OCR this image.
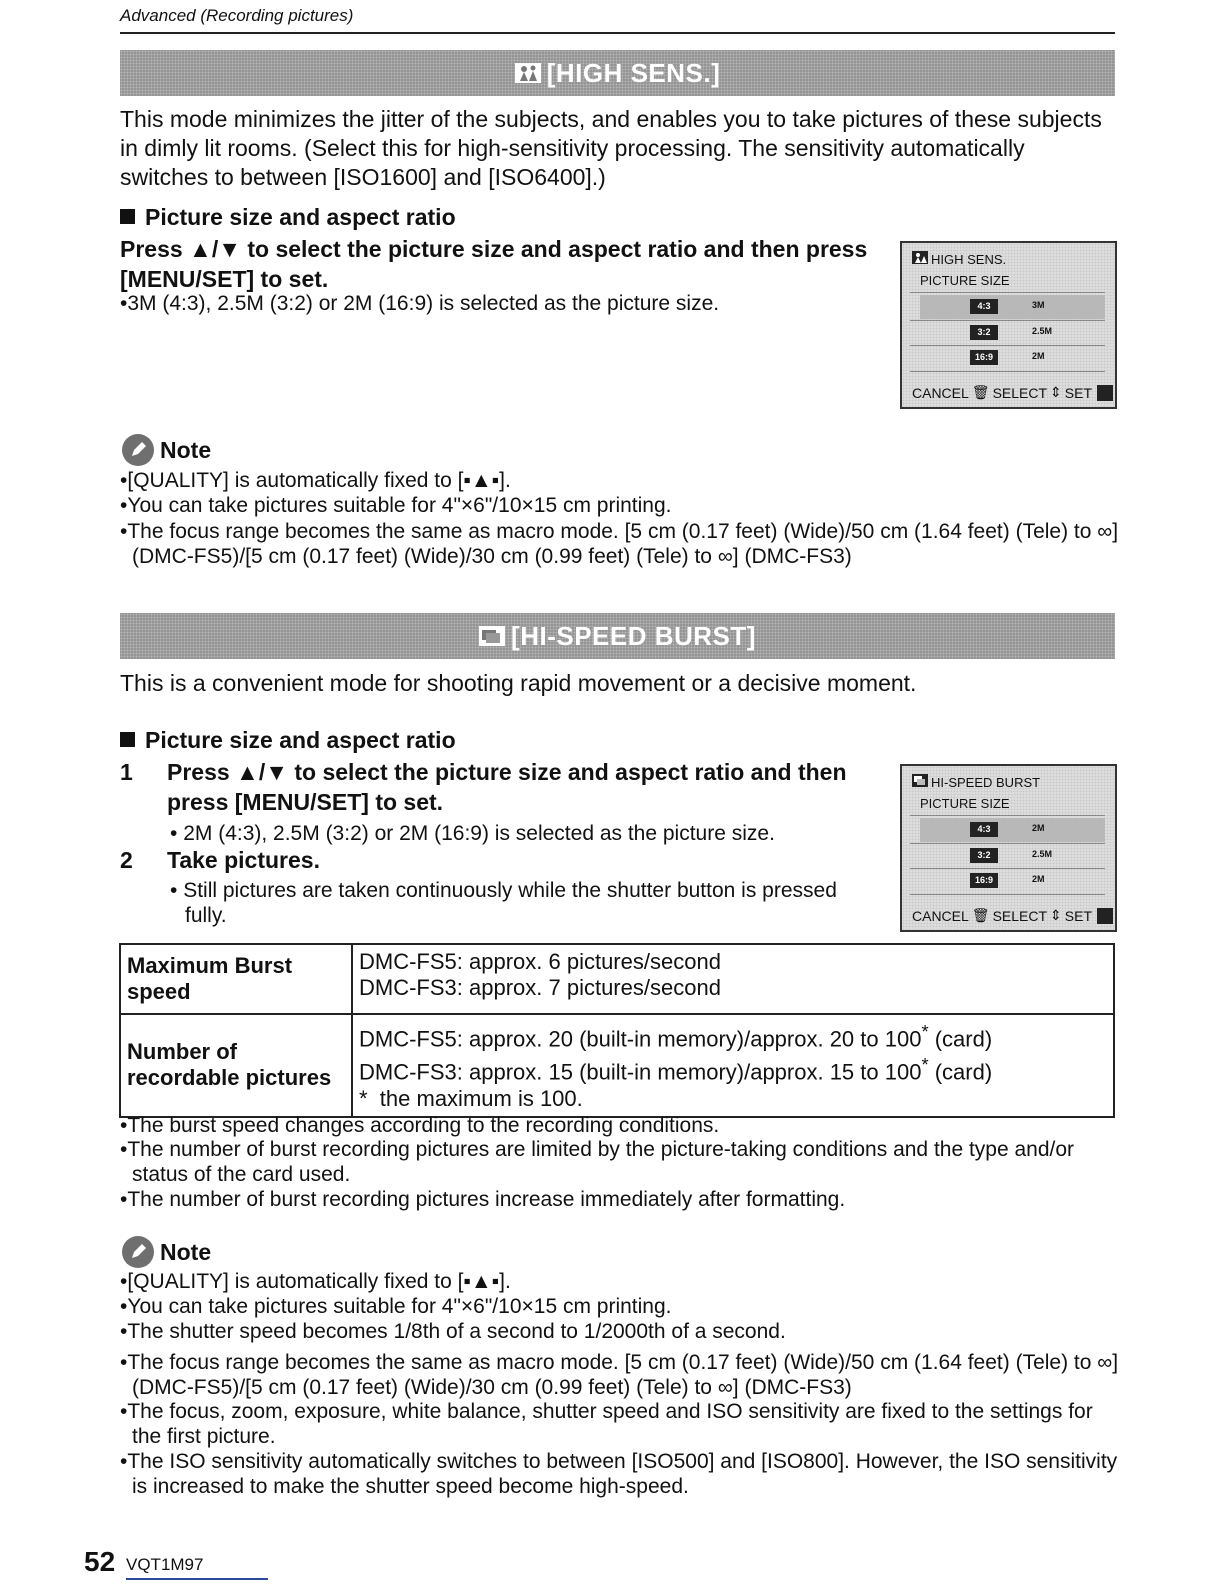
Advanced (Recording pictures)
[HIGH SENS.]
This mode minimizes the jitter of the subjects, and enables you to take pictures of these subjects in dimly lit rooms. (Select this for high-sensitivity processing. The sensitivity automatically switches to between [ISO1600] and [ISO6400].)
Picture size and aspect ratio
Press ▲/▼ to select the picture size and aspect ratio and then press [MENU/SET] to set.
•3M (4:3), 2.5M (3:2) or 2M (16:9) is selected as the picture size.
HIGH SENS.
PICTURE SIZE
4:3	3M
3:2	2.5M
16:9	2M
CANCEL 🗑 SELECT ⇕ SET
Note
•[QUALITY] is automatically fixed to [▪▲▪].
•You can take pictures suitable for 4"×6"/10×15 cm printing.
•The focus range becomes the same as macro mode. [5 cm (0.17 feet) (Wide)/50 cm (1.64 feet) (Tele) to ∞] (DMC-FS5)/[5 cm (0.17 feet) (Wide)/30 cm (0.99 feet) (Tele) to ∞] (DMC-FS3)
[HI-SPEED BURST]
This is a convenient mode for shooting rapid movement or a decisive moment.
Picture size and aspect ratio
1 Press ▲/▼ to select the picture size and aspect ratio and then press [MENU/SET] to set.
• 2M (4:3), 2.5M (3:2) or 2M (16:9) is selected as the picture size.
2 Take pictures.
• Still pictures are taken continuously while the shutter button is pressed fully.
HI-SPEED BURST
PICTURE SIZE
4:3	2M
3:2	2.5M
16:9	2M
CANCEL 🗑 SELECT ⇕ SET
Maximum Burst speed	DMC-FS5: approx. 6 pictures/second
DMC-FS3: approx. 7 pictures/second

Number of recordable pictures	DMC-FS5: approx. 20 (built-in memory)/approx. 20 to 100* (card)
DMC-FS3: approx. 15 (built-in memory)/approx. 15 to 100* (card)
* the maximum is 100.
•The burst speed changes according to the recording conditions.
•The number of burst recording pictures are limited by the picture-taking conditions and the type and/or status of the card used.
•The number of burst recording pictures increase immediately after formatting.
Note
•[QUALITY] is automatically fixed to [▪▲▪].
•You can take pictures suitable for 4"×6"/10×15 cm printing.
•The shutter speed becomes 1/8th of a second to 1/2000th of a second.
•The focus range becomes the same as macro mode. [5 cm (0.17 feet) (Wide)/50 cm (1.64 feet) (Tele) to ∞] (DMC-FS5)/[5 cm (0.17 feet) (Wide)/30 cm (0.99 feet) (Tele) to ∞] (DMC-FS3)
•The focus, zoom, exposure, white balance, shutter speed and ISO sensitivity are fixed to the settings for the first picture.
•The ISO sensitivity automatically switches to between [ISO500] and [ISO800]. However, the ISO sensitivity is increased to make the shutter speed become high-speed.
52 VQT1M97
